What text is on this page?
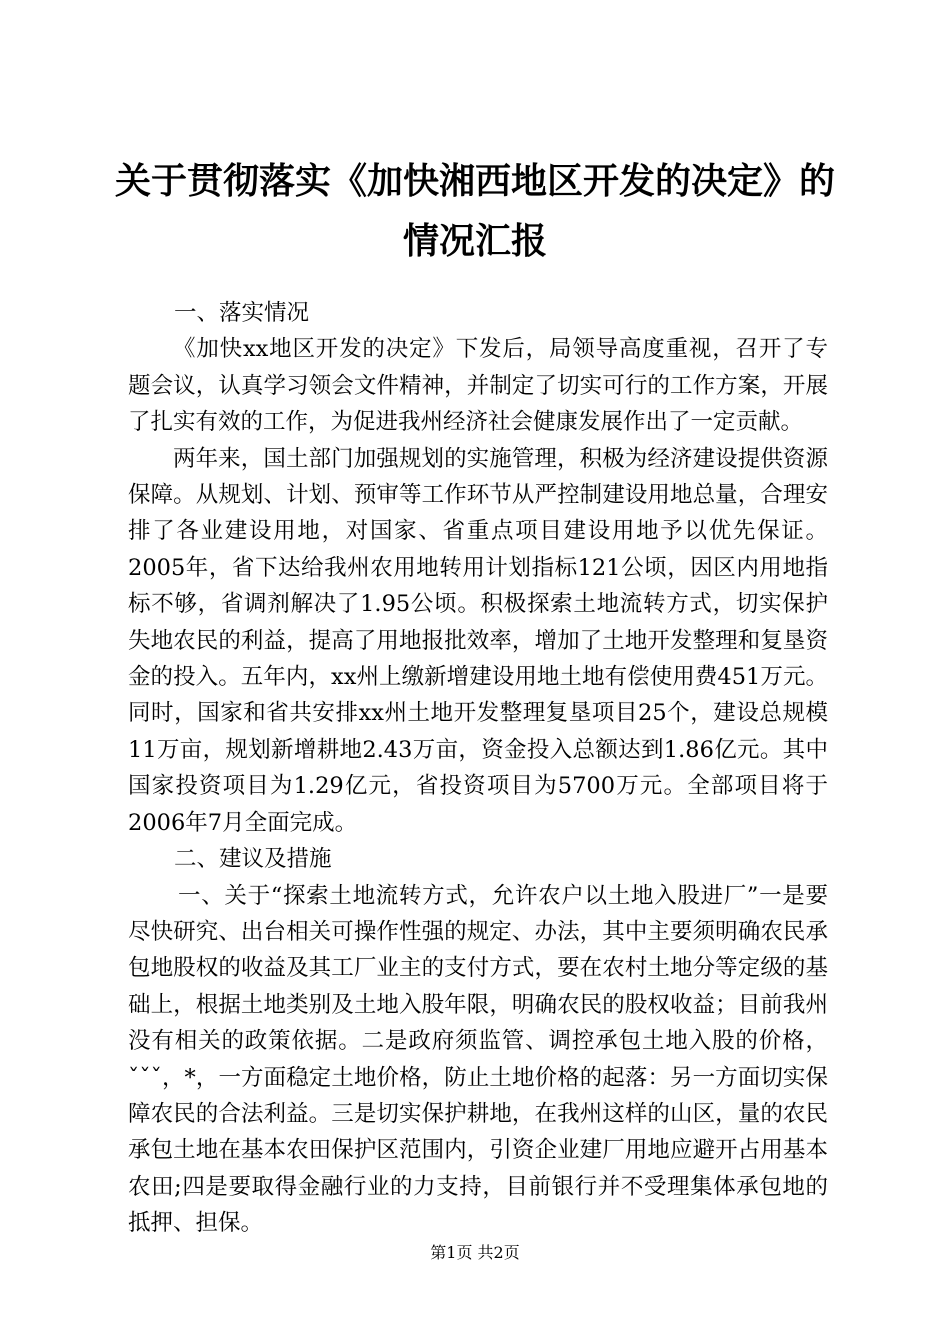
关于贯彻落实《加快湘西地区开发的决定》的
情况汇报

一、落实情况

《加快xx地区开发的决定》下发后，局领导高度重视，召开了专题会议，认真学习领会文件精神，并制定了切实可行的工作方案，开展了扎实有效的工作，为促进我州经济社会健康发展作出了一定贡献。

两年来，国土部门加强规划的实施管理，积极为经济建设提供资源保障。从规划、计划、预审等工作环节从严控制建设用地总量，合理安排了各业建设用地，对国家、省重点项目建设用地予以优先保证。2005年，省下达给我州农用地转用计划指标121公顷，因区内用地指标不够，省调剂解决了1.95公顷。积极探索土地流转方式，切实保护失地农民的利益，提高了用地报批效率，增加了土地开发整理和复垦资金的投入。五年内，xx州上缴新增建设用地土地有偿使用费451万元。同时，国家和省共安排xx州土地开发整理复垦项目25个，建设总规模11万亩，规划新增耕地2.43万亩，资金投入总额达到1.86亿元。其中国家投资项目为1.29亿元，省投资项目为5700万元。全部项目将于2006年7月全面完成。

二、建议及措施

一、关于“探索土地流转方式，允许农户以土地入股进厂”一是要尽快研究、出台相关可操作性强的规定、办法，其中主要须明确农民承包地股权的收益及其工厂业主的支付方式，要在农村土地分等定级的基础上，根据土地类别及土地入股年限，明确农民的股权收益；目前我州没有相关的政策依据。二是政府须监管、调控承包土地入股的价格，ˇˇˇ，*，一方面稳定土地价格，防止土地价格的起落：另一方面切实保障农民的合法利益。三是切实保护耕地，在我州这样的山区，量的农民承包土地在基本农田保护区范围内，引资企业建厂用地应避开占用基本农田;四是要取得金融行业的力支持，目前银行并不受理集体承包地的抵押、担保。

第1页 共2页
